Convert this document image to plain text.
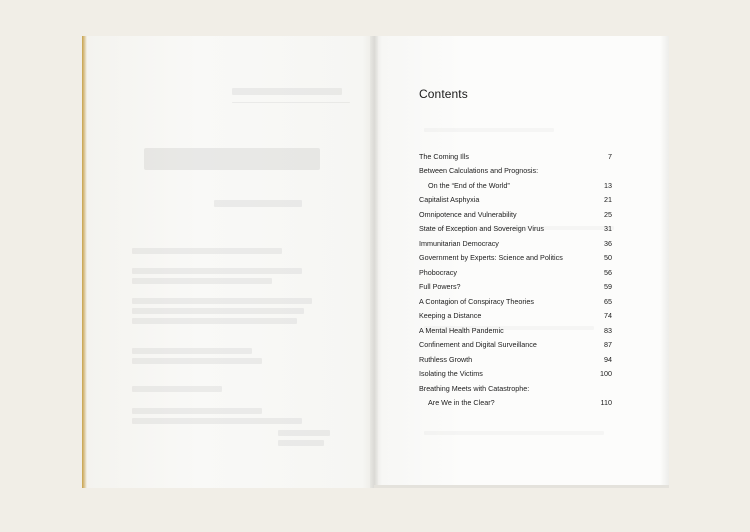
Contents
The Coming Ills	7
Between Calculations and Prognosis:
On the “End of the World”	13
Capitalist Asphyxia	21
Omnipotence and Vulnerability	25
State of Exception and Sovereign Virus	31
Immunitarian Democracy	36
Government by Experts: Science and Politics	50
Phobocracy	56
Full Powers?	59
A Contagion of Conspiracy Theories	65
Keeping a Distance	74
A Mental Health Pandemic	83
Confinement and Digital Surveillance	87
Ruthless Growth	94
Isolating the Victims	100
Breathing Meets with Catastrophe:
Are We in the Clear?	110
